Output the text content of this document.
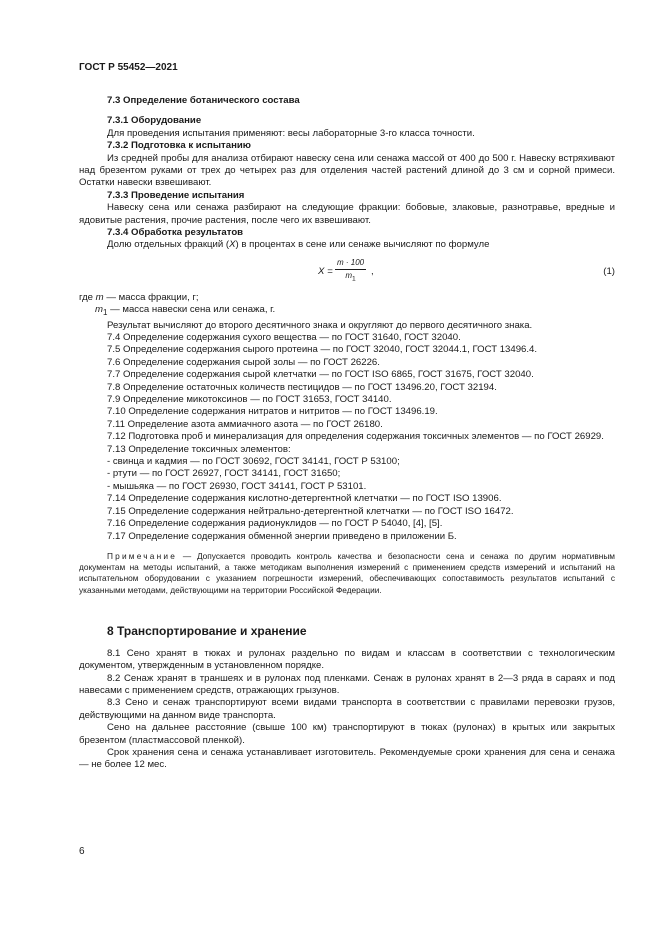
ГОСТ Р 55452—2021

7.3 Определение ботанического состава

7.3.1 Оборудование

Для проведения испытания применяют: весы лабораторные 3-го класса точности.

7.3.2 Подготовка к испытанию

Из средней пробы для анализа отбирают навеску сена или сенажа массой от 400 до 500 г. Навеску встряхивают над брезентом руками от трех до четырех раз для отделения частей растений длиной до 3 см и сорной примеси. Остатки навески взвешивают.

7.3.3 Проведение испытания

Навеску сена или сенажа разбирают на следующие фракции: бобовые, злаковые, разнотравье, вредные и ядовитые растения, прочие растения, после чего их взвешивают.

7.3.4 Обработка результатов

Долю отдельных фракций (X) в процентах в сене или сенаже вычисляют по формуле

$X = \frac{m \cdot 100}{m_1}$ ,	(1)

где m — масса фракции, г;

$m_1$ — масса навески сена или сенажа, г.

Результат вычисляют до второго десятичного знака и округляют до первого десятичного знака.

7.4 Определение содержания сухого вещества — по ГОСТ 31640, ГОСТ 32040.

7.5 Определение содержания сырого протеина — по ГОСТ 32040, ГОСТ 32044.1, ГОСТ 13496.4.

7.6 Определение содержания сырой золы — по ГОСТ 26226.

7.7 Определение содержания сырой клетчатки — по ГОСТ ISO 6865, ГОСТ 31675, ГОСТ 32040.

7.8 Определение остаточных количеств пестицидов — по ГОСТ 13496.20, ГОСТ 32194.

7.9 Определение микотоксинов — по ГОСТ 31653, ГОСТ 34140.

7.10 Определение содержания нитратов и нитритов — по ГОСТ 13496.19.

7.11 Определение азота аммиачного азота — по ГОСТ 26180.

7.12 Подготовка проб и минерализация для определения содержания токсичных элементов — по ГОСТ 26929.

7.13 Определение токсичных элементов:

- свинца и кадмия — по ГОСТ 30692, ГОСТ 34141, ГОСТ Р 53100;

- ртути — по ГОСТ 26927, ГОСТ 34141, ГОСТ 31650;

- мышьяка — по ГОСТ 26930, ГОСТ 34141, ГОСТ Р 53101.

7.14 Определение содержания кислотно-детергентной клетчатки — по ГОСТ ISO 13906.

7.15 Определение содержания нейтрально-детергентной клетчатки — по ГОСТ ISO 16472.

7.16 Определение содержания радионуклидов — по ГОСТ Р 54040, [4], [5].

7.17 Определение содержания обменной энергии приведено в приложении Б.

Примечание — Допускается проводить контроль качества и безопасности сена и сенажа по другим нормативным документам на методы испытаний, а также методикам выполнения измерений с применением средств измерений и испытаний на испытательном оборудовании с указанием погрешности измерений, обеспечивающих сопоставимость результатов испытаний с указанными методами, действующими на территории Российской Федерации.

8 Транспортирование и хранение

8.1 Сено хранят в тюках и рулонах раздельно по видам и классам в соответствии с технологическим документом, утвержденным в установленном порядке.

8.2 Сенаж хранят в траншеях и в рулонах под пленками. Сенаж в рулонах хранят в 2—3 ряда в сараях и под навесами с применением средств, отражающих грызунов.

8.3 Сено и сенаж транспортируют всеми видами транспорта в соответствии с правилами перевозки грузов, действующими на данном виде транспорта.

Сено на дальнее расстояние (свыше 100 км) транспортируют в тюках (рулонах) в крытых или закрытых брезентом (пластмассовой пленкой).

Срок хранения сена и сенажа устанавливает изготовитель. Рекомендуемые сроки хранения для сена и сенажа — не более 12 мес.

6
